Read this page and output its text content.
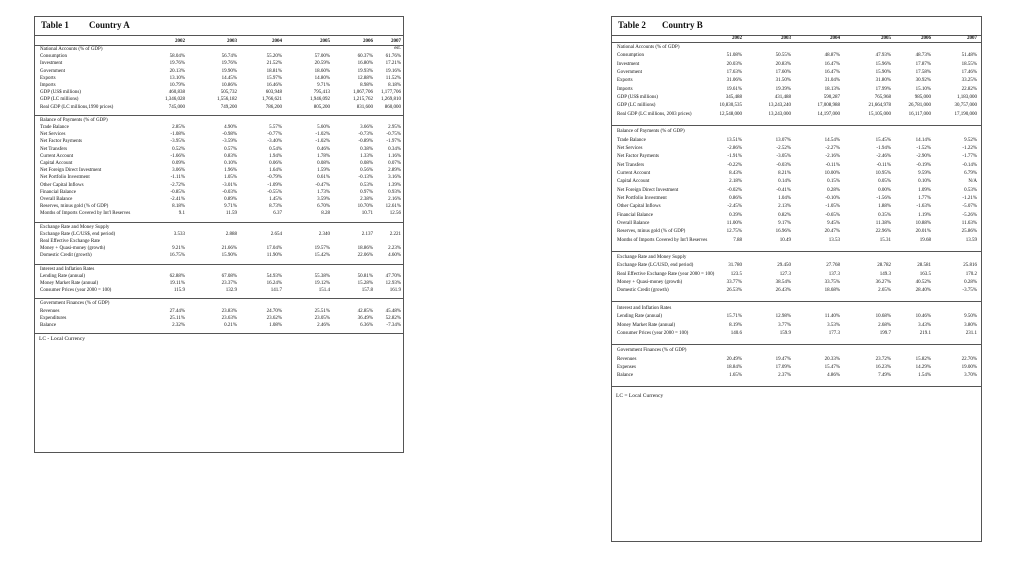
Table 1 Country A
2002	2003	2004	2005	2006	2007
est.
National Accounts (% of GDP)
Consumption	58.04%	56.74%	55.20%	57.00%	60.37%	61.76%
Investment	19.76%	19.76%	21.52%	20.59%	16.80%	17.21%
Government	20.13%	19.90%	18.81%	18.60%	19.93%	19.16%
Exports	13.10%	14.45%	15.97%	14.80%	12.88%	11.52%
Imports	10.79%	10.86%	16.46%	9.71%	8.98%	8.18%
GDP (US$ millions)	460,838	505,732	603,948	795,413	1,067,706	1,177,706
GDP (LC millions)	1,346,028	1,556,182	1,766,621	1,946,092	1,215,762	1,269,810
Real GDP (LC millions,1990 prices)	745,000	749,200	786,200	805,200	831,600	860,000
Balance of Payments (% of GDP)
Trade Balance	2.85%	4.90%	5.57%	5.60%	3.66%	2.95%
Net Services	-1.08%	-0.98%	-0.77%	-1.02%	-0.73%	-0.75%
Net Factor Payments	-3.95%	-3.59%	-3.40%	-1.02%	-0.89%	-1.97%
Net Transfers	0.52%	0.57%	0.54%	0.46%	0.38%	0.34%
Current Account	-1.66%	0.83%	1.94%	1.78%	1.33%	1.16%
Capital Account	0.09%	0.10%	0.06%	0.08%	0.08%	0.07%
Net Foreign Direct Investment	3.06%	1.96%	1.64%	1.59%	0.56%	2.89%
Net Portfolio Investment	-1.11%	1.05%	-0.79%	0.61%	-0.13%	3.16%
Other Capital Inflows	-2.72%	-3.01%	-1.09%	-0.47%	0.53%	1.39%
Financial Balance	-0.85%	-0.03%	-0.55%	1.73%	0.97%	0.93%
Overall Balance	-2.41%	0.89%	1.45%	3.59%	2.38%	2.16%
Reserves, minus gold (% of GDP)	8.18%	9.71%	8.73%	6.70%	10.70%	12.61%
Months of Imports Covered by Int'l Reserves	9.1	11.59	6.37	8.28	10.71	12.56
Exchange Rate and Money Supply
Exchange Rate (LC/US$, end period)	3.533	2.888	2.654	2.340	2.137	2.221
Real Effective Exchange Rate
Money + Quasi-money (growth)	9.21%	21.66%	17.04%	19.57%	18.86%	2.23%
Domestic Credit (growth)	16.75%	15.90%	11.90%	15.42%	22.06%	4.60%
Interest and Inflation Rates
Lending Rate (annual)	62.88%	67.08%	54.93%	55.38%	50.81%	47.70%
Money Market Rate (annual)	19.11%	23.37%	16.24%	19.12%	15.28%	12.93%
Consumer Prices (year 2000 = 100)	115.9	132.9	141.7	151.4	157.8	161.9
Government Finances (% of GDP)
Revenues	27.44%	23.83%	24.70%	25.51%	42.85%	45.48%
Expenditures	25.11%	23.63%	23.62%	23.05%	36.49%	52.82%
Balance	2.32%	0.21%	1.08%	2.46%	6.36%	-7.34%
LC - Local Currency
Table 2 Country B
2002	2003	2004	2005	2006	2007
National Accounts (% of GDP)
Consumption	51.08%	50.55%	48.87%	47.93%	48.73%	51.48%
Investment	20.03%	20.83%	16.47%	15.96%	17.87%	18.55%
Government	17.63%	17.60%	16.47%	15.90%	17.58%	17.46%
Exports	31.06%	31.50%	31.04%	31.80%	30.92%	33.25%
Imports	19.61%	19.39%	18.13%	17.99%	15.10%	22.82%
GDP (US$ millions)	345,488	431,488	590,287	765,968	985,000	1,183,000
GDP (LC millions)	10,830,535	13,243,240	17,008,988	21,664,978	26,781,000	30,757,000
Real GDP (LC millions, 2003 prices)	12,548,000	13,243,000	14,197,000	15,105,000	16,117,000	17,190,000
Balance of Payments (% of GDP)
Trade Balance	13.51%	13.07%	14.54%	15.45%	14.14%	9.52%
Net Services	-2.86%	-2.52%	-2.27%	-1.94%	-1.52%	-1.22%
Net Factor Payments	-1.91%	-3.05%	-2.16%	-2.46%	-2.90%	-1.77%
Net Transfers	-0.22%	-0.03%	-0.11%	-0.11%	-0.19%	-0.14%
Current Account	8.43%	8.21%	10.00%	10.95%	9.59%	6.79%
Capital Account	2.18%	0.14%	0.15%	0.05%	0.10%	N/A
Net Foreign Direct Investment	-0.02%	-0.41%	0.28%	0.00%	1.09%	0.53%
Net Portfolio Investment	0.86%	1.04%	-0.10%	-1.56%	1.77%	-1.21%
Other Capital Inflows	-2.45%	2.13%	-1.05%	1.88%	-1.63%	-5.07%
Financial Balance	0.39%	0.82%	-0.65%	0.35%	1.19%	-5.26%
Overall Balance	11.00%	9.17%	9.45%	11.38%	10.88%	11.63%
Reserves, minus gold (% of GDP)	12.75%	16.96%	20.47%	22.96%	20.01%	25.86%
Months of Imports Covered by Int'l Reserves	7.88	10.49	13.53	15.31	19.68	13.59
Exchange Rate and Money Supply
Exchange Rate (LC/USD, end period)	31.780	29.450	27.768	28.782	28.581	25.816
Real Effective Exchange Rate (year 2000 = 100)	123.5	127.3	137.3	149.3	163.5	170.2
Money + Quasi-money (growth)	33.77%	38.54%	33.75%	36.27%	40.52%	0.28%
Domestic Credit (growth)	26.53%	26.43%	18.68%	2.65%	28.40%	-3.75%
Interest and Inflation Rates
Lending Rate (annual)	15.71%	12.98%	11.40%	10.68%	10.46%	9.50%
Money Market Rate (annual)	8.19%	3.77%	3.53%	2.68%	3.43%	3.80%
Consumer Prices (year 2000 = 100)	140.6	159.9	177.3	199.7	219.1	231.1
Government Finances (% of GDP)
Revenues	20.49%	19.47%	20.33%	23.72%	15.82%	22.70%
Expenses	18.84%	17.09%	15.47%	16.23%	14.29%	19.00%
Balance	1.65%	2.37%	4.86%	7.49%	1.54%	3.70%
LC = Local Currency
